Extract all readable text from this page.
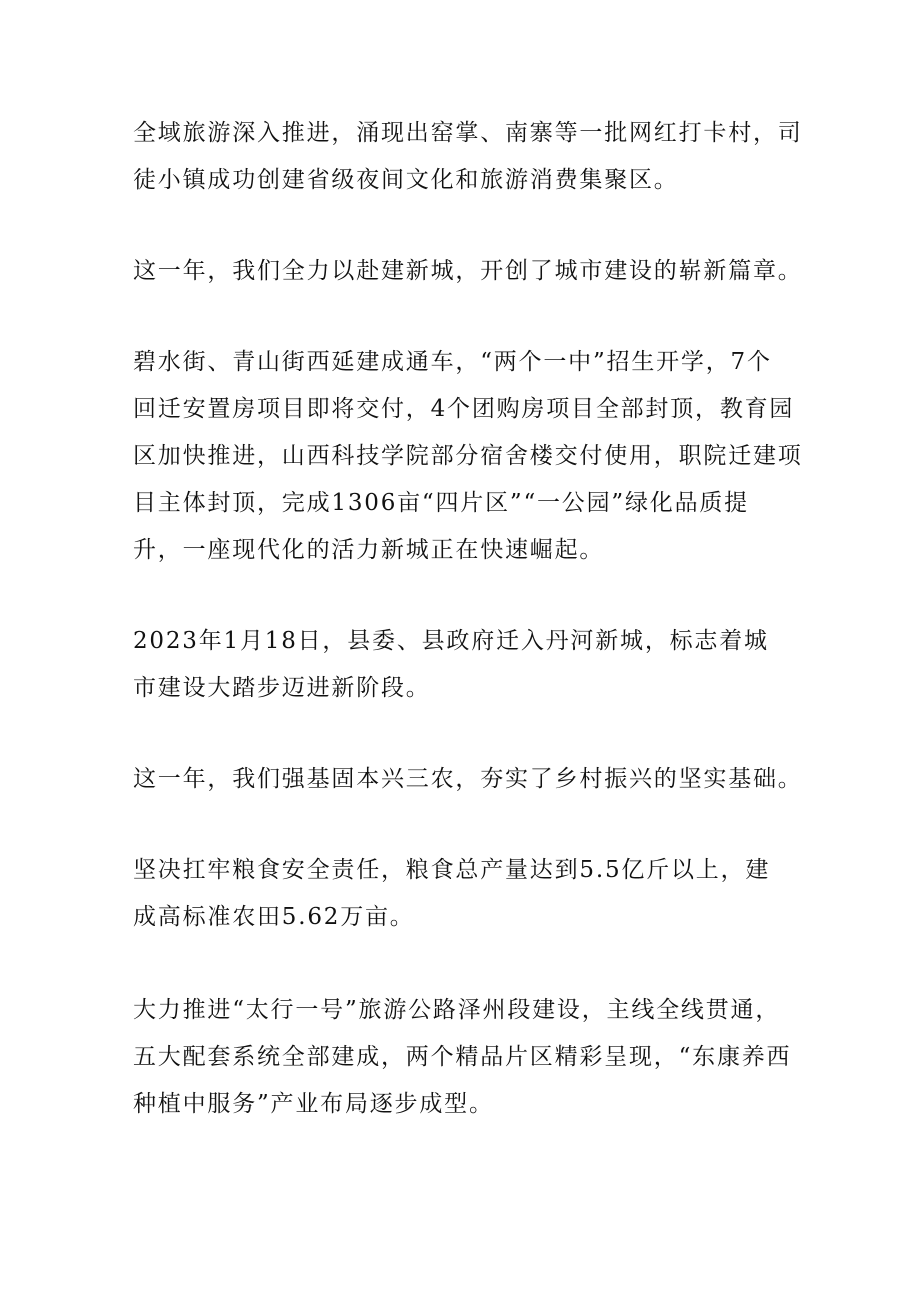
全域旅游深入推进，涌现出窑掌、南寨等一批网红打卡村，司
徒小镇成功创建省级夜间文化和旅游消费集聚区。

这一年，我们全力以赴建新城，开创了城市建设的崭新篇章。

碧水街、青山街西延建成通车，“两个一中”招生开学，7个
回迁安置房项目即将交付，4个团购房项目全部封顶，教育园
区加快推进，山西科技学院部分宿舍楼交付使用，职院迁建项
目主体封顶，完成1306亩“四片区”“一公园”绿化品质提
升，一座现代化的活力新城正在快速崛起。

2023年1月18日，县委、县政府迁入丹河新城，标志着城
市建设大踏步迈进新阶段。

这一年，我们强基固本兴三农，夯实了乡村振兴的坚实基础。

坚决扛牢粮食安全责任，粮食总产量达到5.5亿斤以上，建
成高标准农田5.62万亩。

大力推进“太行一号”旅游公路泽州段建设，主线全线贯通，
五大配套系统全部建成，两个精品片区精彩呈现，“东康养西
种植中服务”产业布局逐步成型。
